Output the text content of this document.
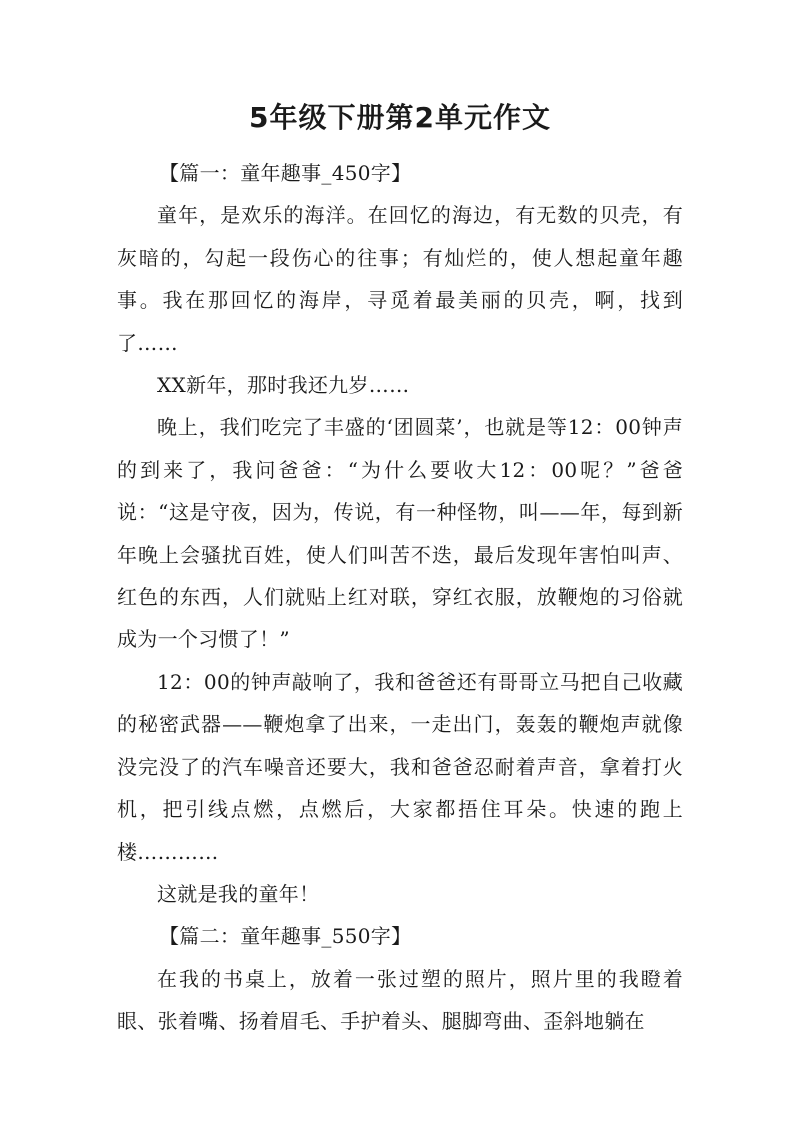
5年级下册第2单元作文

【篇一：童年趣事_450字】

童年，是欢乐的海洋。在回忆的海边，有无数的贝壳，有灰暗的，勾起一段伤心的往事；有灿烂的，使人想起童年趣事。我在那回忆的海岸，寻觅着最美丽的贝壳，啊，找到了……

XX新年，那时我还九岁……

晚上，我们吃完了丰盛的‘团圆菜’，也就是等12：00钟声的到来了，我问爸爸：“为什么要收大12：00呢？”爸爸说：“这是守夜，因为，传说，有一种怪物，叫——年，每到新年晚上会骚扰百姓，使人们叫苦不迭，最后发现年害怕叫声、红色的东西，人们就贴上红对联，穿红衣服，放鞭炮的习俗就成为一个习惯了！”

12：00的钟声敲响了，我和爸爸还有哥哥立马把自己收藏的秘密武器——鞭炮拿了出来，一走出门，轰轰的鞭炮声就像没完没了的汽车噪音还要大，我和爸爸忍耐着声音，拿着打火机，把引线点燃，点燃后，大家都捂住耳朵。快速的跑上楼…………

这就是我的童年！

【篇二：童年趣事_550字】

在我的书桌上，放着一张过塑的照片，照片里的我瞪着眼、张着嘴、扬着眉毛、手护着头、腿脚弯曲、歪斜地躺在
